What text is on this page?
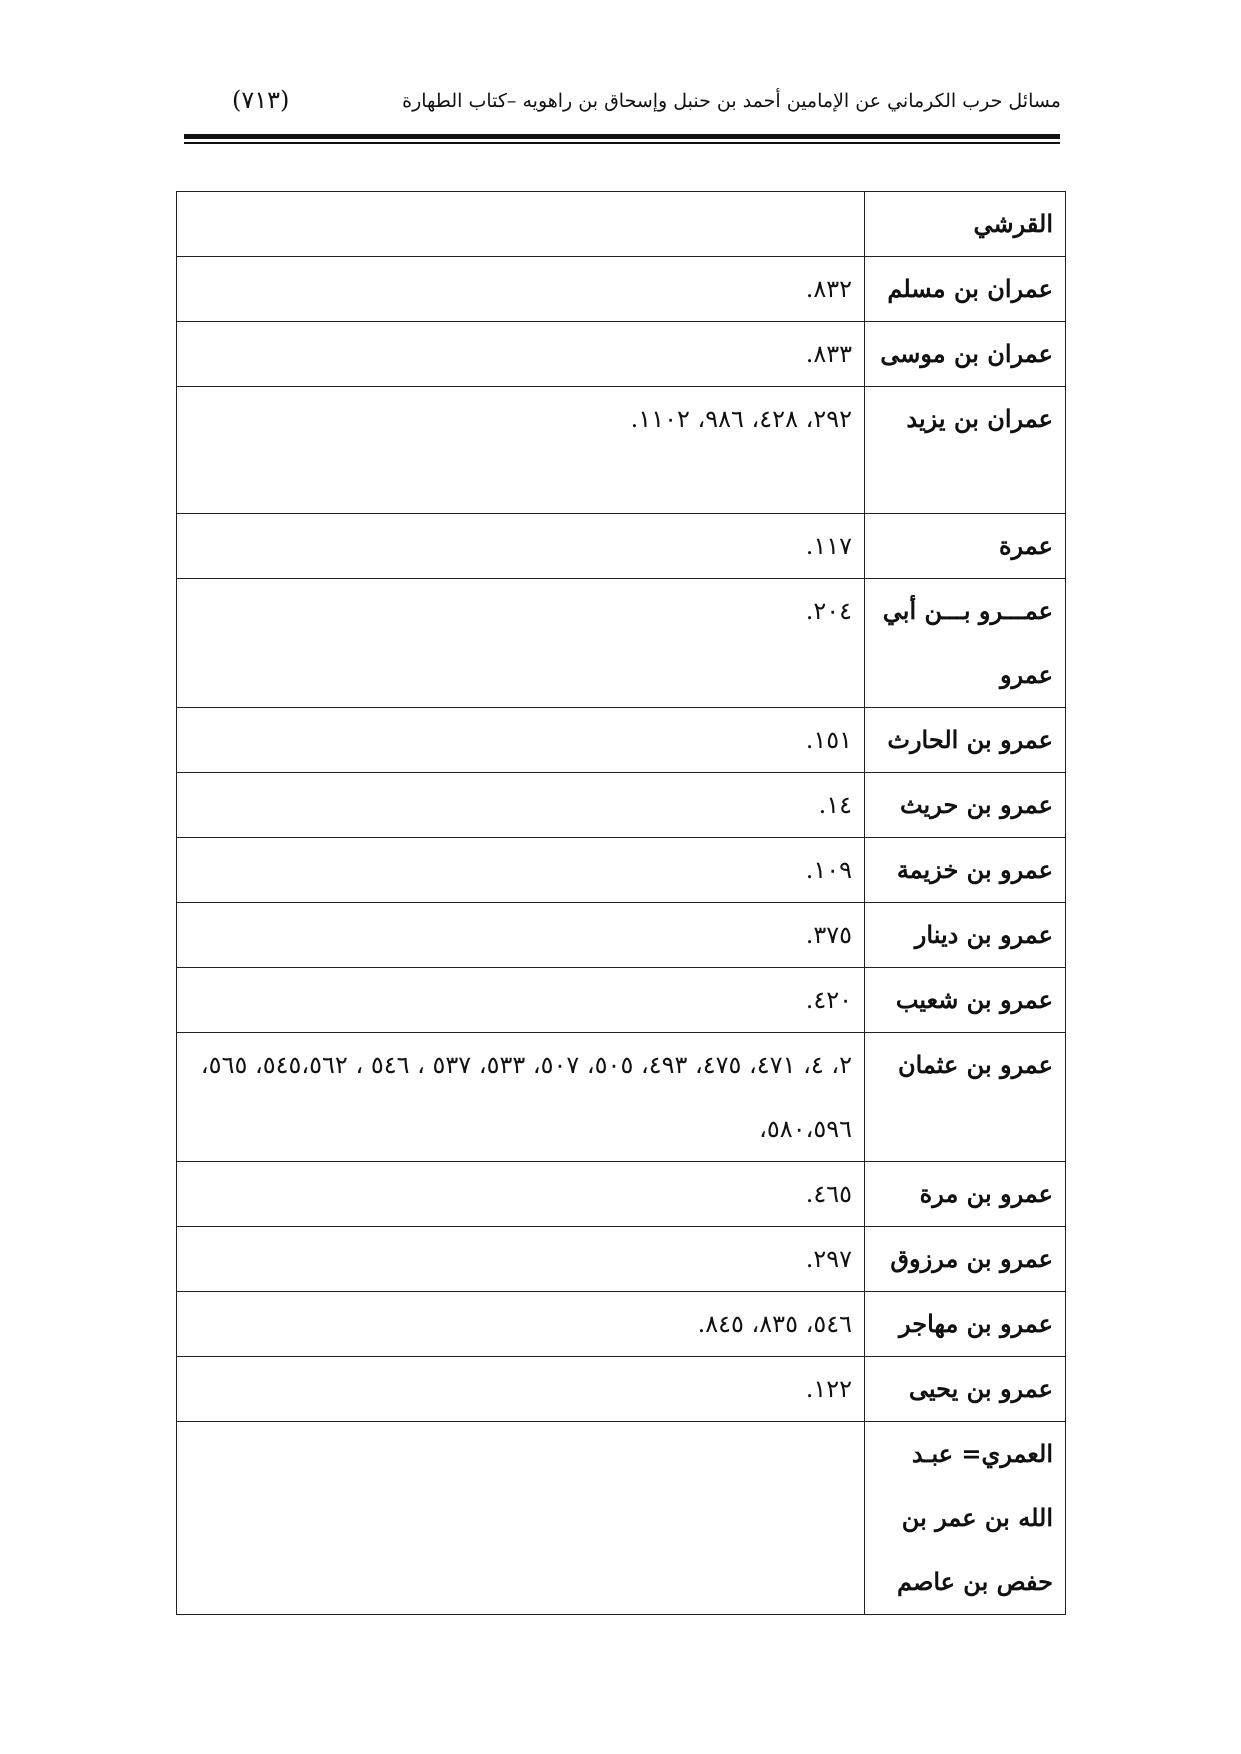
مسائل حرب الكرماني عن الإمامين أحمد بن حنبل وإسحاق بن راهويه –كتاب الطهارة
(٧١٣)
القرشي	
عمران بن مسلم	٨٣٢.
عمران بن موسى	٨٣٣.
عمران بن يزيد	٢٩٢، ٤٢٨، ٩٨٦، ١١٠٢.
عمرة	١١٧.
عمـــرو بـــن أبي عمرو	٢٠٤.
عمرو بن الحارث	١٥١.
عمرو بن حريث	١٤.
عمرو بن خزيمة	١٠٩.
عمرو بن دينار	٣٧٥.
عمرو بن شعيب	٤٢٠.
عمرو بن عثمان	٢، ٤، ٤٧١، ٤٧٥، ٤٩٣، ٥٠٥، ٥٠٧، ٥٣٣، ٥٣٧ ، ٥٤٦ ، ٥٤٥،٥٦٢، ٥٦٥، ٥٨٠،٥٩٦،
عمرو بن مرة	٤٦٥.
عمرو بن مرزوق	٢٩٧.
عمرو بن مهاجر	٥٤٦، ٨٣٥، ٨٤٥.
عمرو بن يحيى	١٢٢.
العمري= عبـد الله بن عمر بن حفص بن عاصم	
